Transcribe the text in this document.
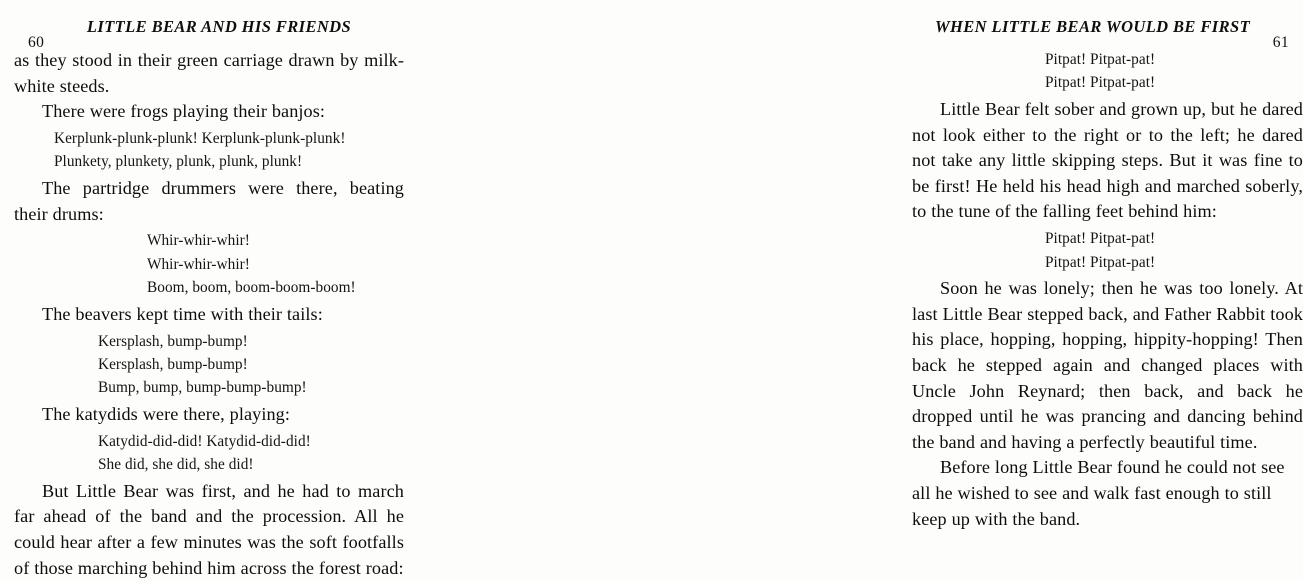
60
LITTLE BEAR AND HIS FRIENDS

as they stood in their green carriage drawn by milk-white steeds.

There were frogs playing their banjos:

Kerplunk-plunk-plunk! Kerplunk-plunk-plunk!
Plunkety, plunkety, plunk, plunk, plunk!

The partridge drummers were there, beating their drums:

Whir-whir-whir!
Whir-whir-whir!
Boom, boom, boom-boom-boom!

The beavers kept time with their tails:

Kersplash, bump-bump!
Kersplash, bump-bump!
Bump, bump, bump-bump-bump!

The katydids were there, playing:

Katydid-did-did! Katydid-did-did!
She did, she did, she did!

But Little Bear was first, and he had to march far ahead of the band and the procession. All he could hear after a few minutes was the soft footfalls of those marching behind him across the forest road:

WHEN LITTLE BEAR WOULD BE FIRST
61
Pitpat! Pitpat-pat!
Pitpat! Pitpat-pat!

Little Bear felt sober and grown up, but he dared not look either to the right or to the left; he dared not take any little skipping steps. But it was fine to be first! He held his head high and marched soberly, to the tune of the falling feet behind him:

Pitpat! Pitpat-pat!
Pitpat! Pitpat-pat!

Soon he was lonely; then he was too lonely. At last Little Bear stepped back, and Father Rabbit took his place, hopping, hopping, hippity-hopping! Then back he stepped again and changed places with Uncle John Reynard; then back, and back he dropped until he was prancing and dancing behind the band and having a perfectly beautiful time.

Before long Little Bear found he could not see all he wished to see and walk fast enough to still keep up with the band.
